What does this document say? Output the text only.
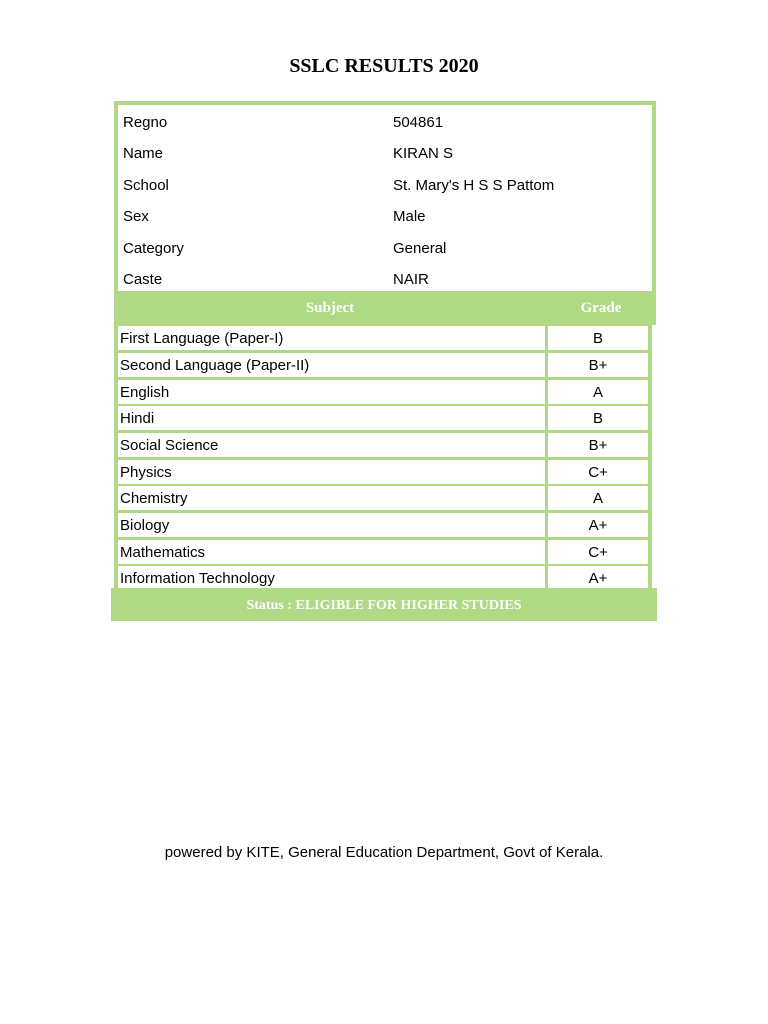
SSLC RESULTS 2020
Regno	504861
Name	KIRAN S
School	St. Mary's H S S Pattom
Sex	Male
Category	General
Caste	NAIR
Subject	Grade
First Language (Paper-I)	B
Second Language (Paper-II)	B+
English	A
Hindi	B
Social Science	B+
Physics	C+
Chemistry	A
Biology	A+
Mathematics	C+
Information Technology	A+
Status : ELIGIBLE FOR HIGHER STUDIES
powered by KITE, General Education Department, Govt of Kerala.
